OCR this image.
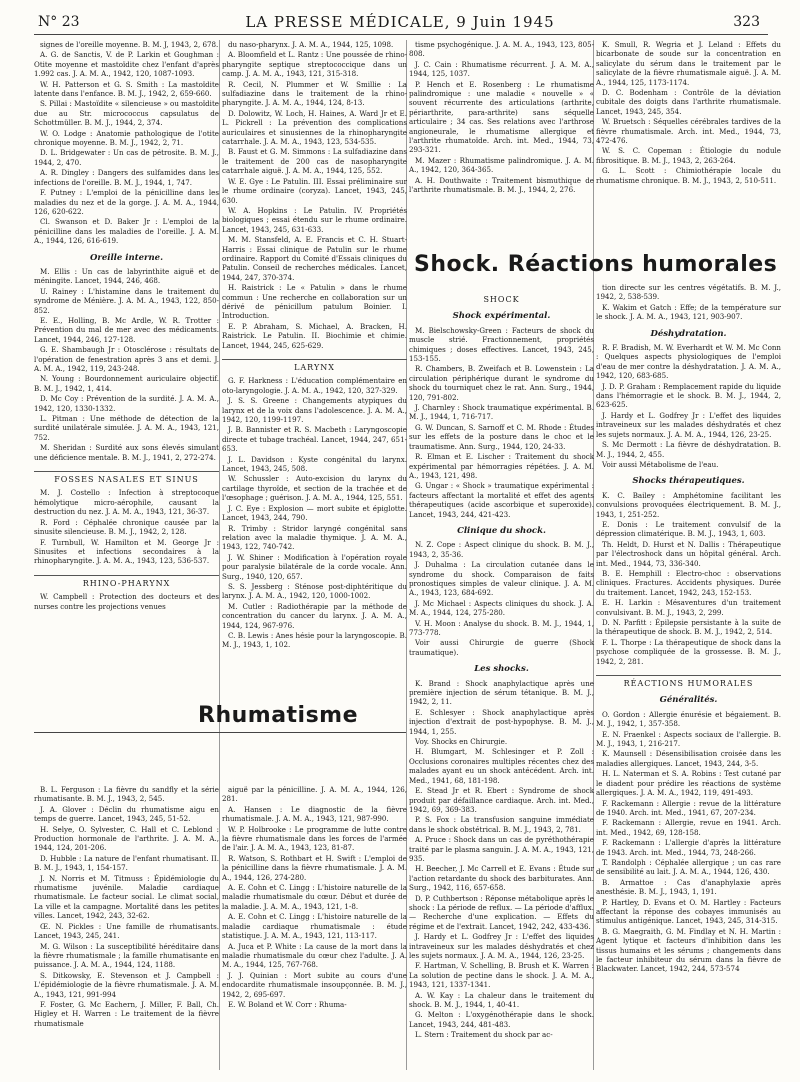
N° 23	LA PRESSE MÉDICALE, 9 Juin 1945	323

signes de l'oreille moyenne. B. M. J, 1943, 2, 678.

A. G. de Sanctis, V. de P. Larkin et Goughman : Otite moyenne et mastoïdite chez l'enfant d'après 1.992 cas. J. A. M. A., 1942, 120, 1087-1093.

W. H. Patterson et G. S. Smith : La mastoïdite latente dans l'enfance. B. M. J., 1942, 2, 659-660.

S. Pillai : Mastoïdite « silencieuse » ou mastoïdite due au Str. micrococcus capsulatus de Schottmüller. B. M. J., 1944, 2, 374.

W. O. Lodge : Anatomie pathologique de l'otite chronique moyenne. B. M. J., 1942, 2, 71.

D. L. Bridgewater : Un cas de pétrosite. B. M. J., 1944, 2, 470.

A. R. Dingley : Dangers des sulfamides dans les infections de l'oreille. B. M. J., 1944, 1, 747.

F. Putney : L'emploi de la pénicilline dans les maladies du nez et de la gorge. J. A. M. A., 1944, 126, 620-622.

Cl. Swanson et D. Baker Jr : L'emploi de la pénicilline dans les maladies de l'oreille. J. A. M. A., 1944, 126, 616-619.

Oreille interne.

M. Ellis : Un cas de labyrinthite aiguë et de méningite. Lancet, 1944, 246, 468.

U. Rainey : L'histamine dans le traitement du syndrome de Ménière. J. A. M. A., 1943, 122, 850-852.

E. E., Holling, B. Mc Ardle, W. R. Trotter : Prévention du mal de mer avec des médicaments. Lancet, 1944, 246, 127-128.

G. E. Shambaugh Jr : Otosclérose : résultats de l'opération de fenestration après 3 ans et demi. J. A. M. A., 1942, 119, 243-248.

N. Young : Bourdonnement auriculaire objectif. B. M. J., 1942, 1, 414.

D. Mc Coy : Prévention de la surdité. J. A. M. A., 1942, 120, 1330-1332.

L. Pitman : Une méthode de détection de la surdité unilatérale simulée. J. A. M. A., 1943, 121, 752.

M. Sheridan : Surdité aux sons élevés simulant une déficience mentale. B. M. J., 1941, 2, 272-274.

FOSSES NASALES ET SINUS

M. J. Costello : Infection à streptocoque hémolytique micro-aérophile, causant la destruction du nez. J. A. M. A., 1943, 121, 36-37.

R. Ford : Céphalée chronique causée par la sinusite silencieuse. B. M. J., 1942, 2, 128.

F. Turnbull, W. Hamilton et M. George Jr : Sinusites et infections secondaires à la rhinopharyngite. J. A. M. A., 1943, 123, 536-537.

RHINO-PHARYNX

W. Campbell : Protection des docteurs et des nurses contre les projections venues

B. L. Ferguson : La fièvre du sandfly et la série rhumatisante. B. M. J., 1943, 2, 545.

J. A. Glover : Déclin du rhumatisme aigu en temps de guerre. Lancet, 1943, 245, 51-52.

H. Selye, O. Sylvester, C. Hall et C. Leblond : Production hormonale de l'arthrite. J. A. M. A., 1944, 124, 201-206.

D. Hubble : La nature de l'enfant rhumatisant. II. B. M. J., 1943, 1, 154-157.

J. N. Norris et M. Titmuss : Épidémiologie du rhumatisme juvénile. Maladie cardiaque rhumatismale. Le facteur social. Le climat social, La ville et la campagne. Mortalité dans les petites villes. Lancet, 1942, 243, 32-62.

Œ. N. Pickles : Une famille de rhumatisants. Lancet, 1943, 245, 241.

M. G. Wilson : La susceptibilité héréditaire dans la fièvre rhumatismale ; la famille rhumatisante en puissance. J. A. M. A., 1944, 124, 1188.

S. Ditkowsky, E. Stevenson et J. Campbell : L'épidémiologie de la fièvre rhumatismale. J. A. M. A., 1943, 121, 991-994

F. Foster, G. Mc Eachern, J. Miller, F. Ball, Ch. Higley et H. Warren : Le traitement de la fièvre rhumatismale

du naso-pharynx. J. A. M. A., 1944, 125, 1098.

A. Bloomfield et L. Rantz : Une poussée de rhino-pharyngite septique streptococcique dans un camp. J. A. M. A., 1943, 121, 315-318.

R. Cecil, N. Plummer et W. Smillie : La sulfadiazine dans le traitement de la rhino-pharyngite. J. A. M. A., 1944, 124, 8-13.

D. Dolowitz, W. Loch, H. Haines, A. Ward Jr et E. L. Pickrell : La prévention des complications auriculaires et sinusiennes de la rhinopharyngite catarrhale. J. A. M. A., 1943, 123, 534-535.

B. Faust et G. M. Simmons : La sulfadiazine dans le traitement de 200 cas de nasopharyngite catarrhale aiguë. J. A. M. A., 1944, 125, 552.

W. E. Gye : Le Patulin. III. Essai préliminaire sur le rhume ordinaire (coryza). Lancet, 1943, 245, 630.

W. A. Hopkins : Le Patulin. IV. Propriétés biologiques ; essai étendu sur le rhume ordinaire. Lancet, 1943, 245, 631-633.

M. M. Stansfeld, A. E. Francis et C. H. Stuart-Harris : Essai clinique de Patulin sur le rhume ordinaire. Rapport du Comité d'Essais cliniques du Patulin. Conseil de recherches médicales. Lancet, 1944, 247, 370-374.

H. Raistrick : Le « Patulin » dans le rhume commun : Une recherche en collaboration sur un dérivé de pénicillum patulum Boinier. I. Introduction.

E. P. Abraham, S. Michael, A. Bracken, H. Raistrick. Le Patulin. II. Biochimie et chimie. Lancet, 1944, 245, 625-629.

LARYNX

G. F. Harkness : L'éducation complémentaire en oto-laryngologie. J. A. M. A., 1942, 120, 327-329.

J. S. S. Greene : Changements atypiques du larynx et de la voix dans l'adolescence. J. A. M. A., 1942, 120, 1199-1197.

J. B. Bannister et R. S. Macbeth : Laryngoscopie directe et tubage trachéal. Lancet, 1944, 247, 651-653.

J. L. Davidson : Kyste congénital du larynx. Lancet, 1943, 245, 508.

W. Schussler : Auto-excision du larynx du cartilage thyroïde, et section de la trachée et de l'œsophage ; guérison. J. A. M. A., 1944, 125, 551.

J. C. Eye : Explosion — mort subite et épiglotte. Lancet, 1943, 244, 790.

R. Trimby : Stridor laryngé congénital sans relation avec la maladie thymique. J. A. M. A., 1943, 122, 740-742.

J. W. Shiner : Modification à l'opération royale pour paralysie bilatérale de la corde vocale. Ann. Surg., 1940, 120, 657.

S. S. Jessberg : Sténose post-diphtéritique du larynx. J. A. M. A., 1942, 120, 1000-1002.

M. Cutler : Radiothérapie par la méthode de concentration du cancer du larynx. J. A. M. A., 1944, 124, 967-976.

C. B. Lewis : Anes hésie pour la laryngoscopie. B. M. J., 1943, 1, 102.

aiguë par la pénicilline. J. A. M. A., 1944, 126, 281.

A. Hansen : Le diagnostic de la fièvre rhumatismale. J. A. M. A., 1943, 121, 987-990.

W. P. Holbrooke : Le programme de lutte contre la fièvre rhumatismale dans les forces de l'armée de l'air. J. A. M. A., 1943, 123, 81-87.

R. Watson, S. Rothbart et H. Swift : L'emploi de la pénicilline dans la fièvre rhumatismale. J. A. M. A., 1944, 126, 274-280.

A. E. Cohn et C. Lingg : L'histoire naturelle de la maladie rhumatismale du cœur. Début et durée de la maladie. J. A. M. A., 1943, 121, 1-8.

A. E. Cohn et C. Lingg : L'histoire naturelle de la maladie cardiaque rhumatismale : étude statistique. J. A. M. A., 1943, 121, 113-117.

A. Juca et P. White : La cause de la mort dans la maladie rhumatismale du cœur chez l'adulte. J. A. M. A., 1944, 125, 767-768.

J. J. Quinian : Mort subite au cours d'une endocardite rhumatismale insoupçonnée. B. M. J., 1942, 2, 695-697.

E. W. Boland et W. Corr : Rhuma-

Rhumatisme
Shock. Réactions humorales

tisme psychogénique. J. A. M. A., 1943, 123, 805-808.

J. C. Cain : Rhumatisme récurrent. J. A. M. A., 1944, 125, 1037.

P. Hench et E. Rosenberg : Le rhumatisme palindromique : une maladie « nouvelle » « souvent récurrente des articulations (arthrite, périarthrite, para-arthrite) sans séquelle articulaire ; 34 cas. Ses relations avec l'arthrose angioneurale, le rhumatisme allergique et l'arthrite rhumatoïde. Arch. int. Med., 1944, 73, 293-321.

M. Mazer : Rhumatisme palindromique. J. A. M. A., 1942, 120, 364-365.

A. H. Douthwaite : Traitement bismuthique de l'arthrite rhumatismale. B. M. J., 1944, 2, 276.

SHOCK
Shock expérimental.

M. Bielschowsky-Green : Facteurs de shock du muscle strié. Fractionnement, propriétés chimiques ; doses effectives. Lancet, 1943, 245, 153-155.

R. Chambers, B. Zweifach et B. Lowenstein : La circulation périphérique durant le syndrome du shock du tourniquet chez le rat. Ann. Surg., 1944, 120, 791-802.

J. Charnley : Shock traumatique expérimental. B. M. J., 1944, 1, 716-717.

G. W. Duncan, S. Sarnoff et C. M. Rhode : Études sur les effets de la posture dans le choc et le traumatisme. Ann. Surg., 1944, 120, 24-33.

R. Elman et E. Lischer : Traitement du shock expérimental par hémorragies répétées. J. A. M. A., 1943, 121, 498.

G. Ungar : « Shock » traumatique expérimental : facteurs affectant la mortalité et effet des agents thérapeutiques (acide ascorbique et superoxide). Lancet, 1943, 244, 421-423.

Clinique du shock.

N. Z. Cope : Aspect clinique du shock. B. M. J., 1943, 2, 35-36.

J. Duhalma : La circulation cutanée dans le syndrome du shock. Comparaison de faits pronostiques simples de valeur clinique. J. A. M. A., 1943, 123, 684-692.

J. Mc Michael : Aspects cliniques du shock. J. A. M. A., 1944, 124, 275-280.

V. H. Moon : Analyse du shock. B. M. J., 1944, 1, 773-778.

Voir aussi Chirurgie de guerre (Shock traumatique).

Les shocks.

K. Brand : Shock anaphylactique après une première injection de sérum tétanique. B. M. J., 1942, 2, 11.

E. Schlesyer : Shock anaphylactique après injection d'extrait de post-hypophyse. B. M. J., 1944, 1, 255.

Voy. Shocks en Chirurgie.

H. Blumgart, M. Schlesinger et P. Zoll : Occlusions coronaires multiples récentes chez des malades ayant eu un shock antécédent. Arch. int. Med., 1941, 68, 181-198.

E. Stead Jr et R. Ebert : Syndrome de shock produit par défaillance cardiaque. Arch. int. Med., 1942, 69, 369-383.

P. S. Fox : La transfusion sanguine immédiate dans le shock obstétrical. B. M. J., 1943, 2, 781.

A. Pruce : Shock dans un cas de pyréthothérapie traité par le plasma sanguin. J. A. M. A., 1943, 121, 935.

H. Beecher, J. Mc Carrell et E. Evans : Étude sur l'action retardante du shock des barbiturates. Ann. Surg., 1942, 116, 657-658.

D. P. Cuthbertson : Réponse métabolique après le shock : La période de reflux. — La période d'afflux. — Recherche d'une explication. — Effets du régime et de l'extrait. Lancet, 1942, 242, 433-436.

J. Hardy et L. Godfrey Jr : L'effet des liquides intraveineux sur les malades déshydratés et chez les sujets normaux. J. A. M. A., 1944, 126, 23-25.

F. Hartman, V. Schelling, B. Brush et K. Warren : La solution de pectine dans le shock. J. A. M. A., 1943, 121, 1337-1341.

A. W. Kay : La chaleur dans le traitement du shock. B. M. J., 1944, 1, 40-41.

G. Melton : L'oxygénothérapie dans le shock. Lancet, 1943, 244, 481-483.

L. Stern : Traitement du shock par ac-

K. Smull, R. Wegria et J. Leland : Effets du bicarbonate de soude sur la concentration en salicylate du sérum dans le traitement par le salicylate de la fièvre rhumatismale aiguë. J. A. M. A., 1944, 125, 1173-1174.

D. C. Bodenham : Contrôle de la déviation cubitale des doigts dans l'arthrite rhumatismale. Lancet, 1943, 245, 354.

W. Bruetsch : Séquelles cérébrales tardives de la fièvre rhumatismale. Arch. int. Med., 1944, 73, 472-476.

W. S. C. Copeman : Étiologie du nodule fibrositique. B. M. J., 1943, 2, 263-264.

G. L. Scott : Chimiothérapie locale du rhumatisme chronique. B. M. J., 1943, 2, 510-511.

tion directe sur les centres végétatifs. B. M. J., 1942, 2, 538-539.

K. Wakim et Gatch : Effe; de la température sur le shock. J. A. M. A., 1943, 121, 903-907.

Déshydratation.

R. F. Bradish, M. W. Everhardt et W. M. Mc Conn : Quelques aspects physiologiques de l'emploi d'eau de mer contre la déshydratation. J. A. M. A., 1942, 120, 683-685.

J. D. P. Graham : Remplacement rapide du liquide dans l'hémorragie et le shock. B. M. J., 1944, 2, 623-625.

J. Hardy et L. Godfrey Jr : L'effet des liquides intraveineux sur les malades déshydratés et chez les sujets normaux. J. A. M. A., 1944, 126, 23-25.

S. Mc Dermott : La fièvre de déshydratation. B. M. J., 1944, 2, 455.

Voir aussi Métabolisme de l'eau.

Shocks thérapeutiques.

K. C. Bailey : Amphétomine facilitant les convulsions provoquées électriquement. B. M. J., 1943, 1, 251-252.

E. Donis : Le traitement convulsif de la dépression climatérique. B. M. J., 1943, 1, 603.

Th. Heldt, D. Hurst et N. Dallis : Thérapeutique par l'électroshock dans un hôpital général. Arch. int. Med., 1944, 73, 336-340.

B. E. Hemphill : Electro-choc : observations cliniques. Fractures. Accidents physiques. Durée du traitement. Lancet, 1942, 243, 152-153.

E. H. Larkin : Mésaventures d'un traitement convulsivant. B. M. J., 1943, 2, 299.

D. N. Parfitt : Épilepsie persistante à la suite de la thérapeutique de shock. B. M. J., 1942, 2, 514.

F. L. Thorpe : La thérapeutique de shock dans la psychose compliquée de la grossesse. B. M. J., 1942, 2, 281.

RÉACTIONS HUMORALES
Généralités.

O. Gordon : Allergie énurésie et bégaiement. B. M. J., 1942, 1, 357-358.

E. N. Fraenkel : Aspects sociaux de l'allergie. B. M. J., 1943, 1, 216-217.

K. Maunsell : Désensibilisation croisée dans les maladies allergiques. Lancet, 1943, 244, 3-5.

H. L. Naterman et S. A. Robins : Test cutané par le diadent pour prédire les réactions de système allergiques. J. A. M. A., 1942, 119, 491-493.

F. Rackemann : Allergie : revue de la littérature de 1940. Arch. int. Med., 1941, 67, 207-234.

F. Rackemann : Allergie, revue en 1941. Arch. int. Med., 1942, 69, 128-158.

F. Rackemann : L'allergie d'après la littérature de 1943. Arch. int. Med., 1944, 73, 248-266.

T. Randolph : Céphalée allergique ; un cas rare de sensibilité au lait. J. A. M. A., 1944, 126, 430.

B. Armattoe : Cas d'anaphylaxie après anesthésie. B. M. J., 1943, 1, 191.

P. Hartley, D. Evans et O. M. Hartley : Facteurs affectant la réponse des cobayes immunisés au stimulus antigénique. Lancet, 1943, 245, 314-315.

B. G. Maegraith, G. M. Findlay et N. H. Martin : Agent lytique et facteurs d'inhibition dans les tissus humains et les sérums ; changements dans le facteur inhibiteur du sérum dans la fièvre de Blackwater. Lancet, 1942, 244, 573-574
